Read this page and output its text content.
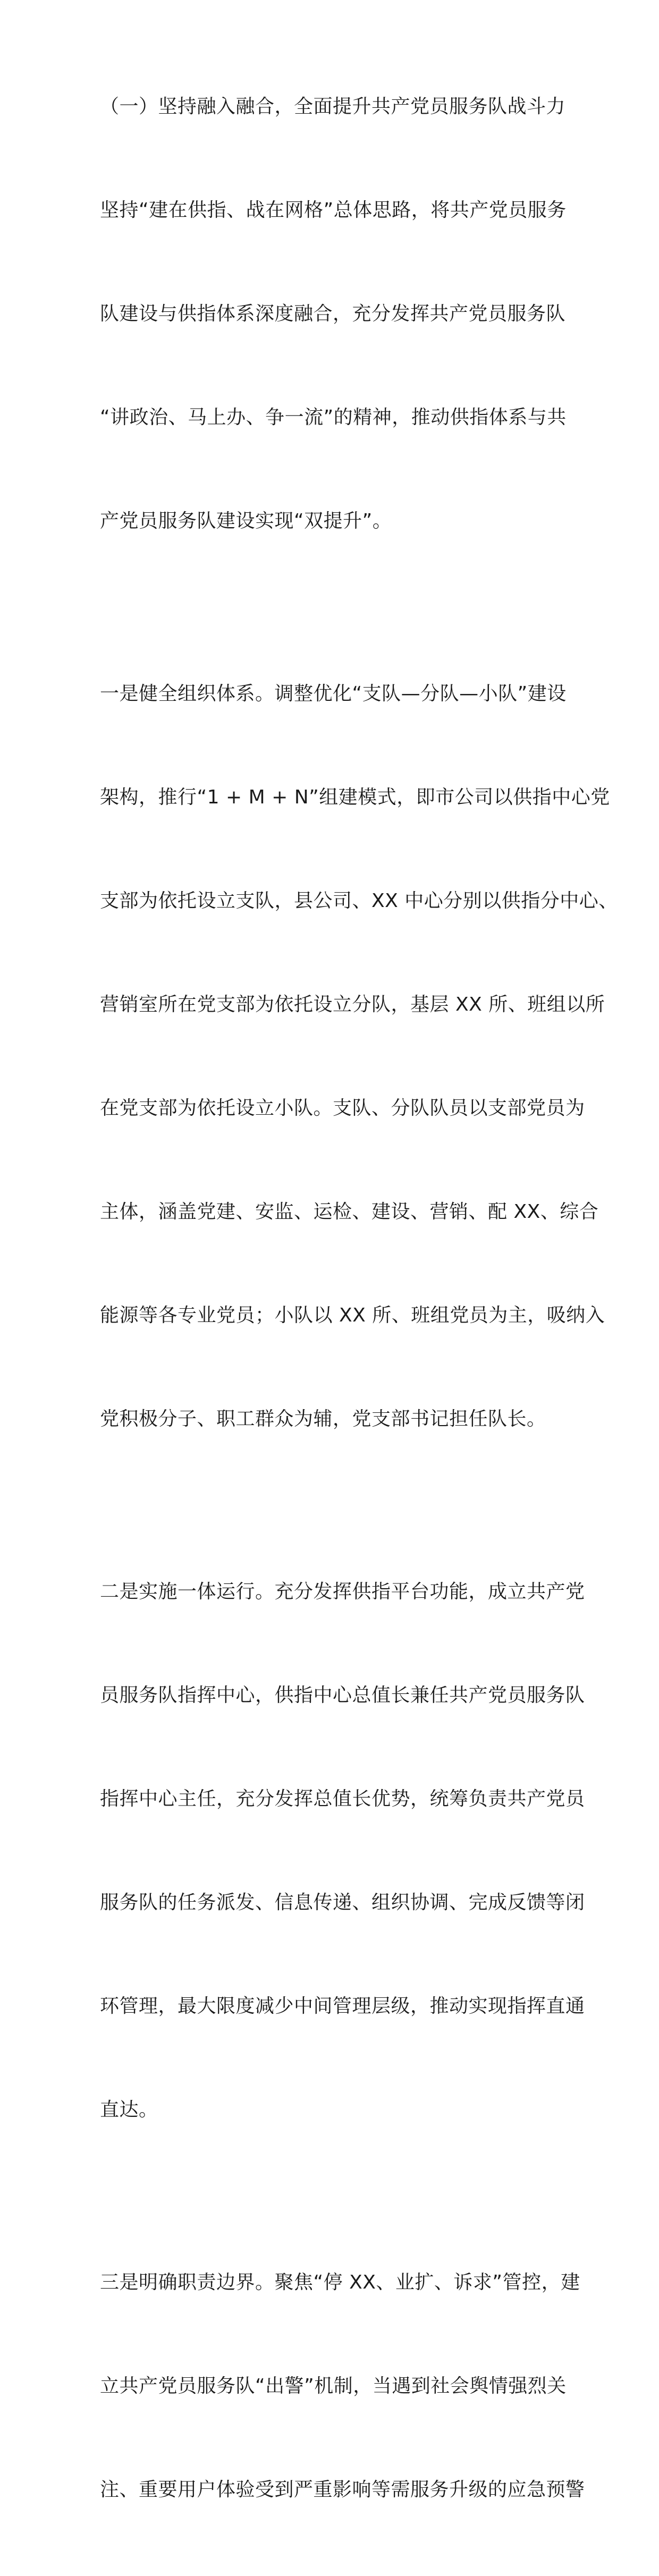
（一）坚持融入融合，全面提升共产党员服务队战斗力

坚持“建在供指、战在网格”总体思路，将共产党员服务

队建设与供指体系深度融合，充分发挥共产党员服务队

“讲政治、马上办、争一流”的精神，推动供指体系与共

产党员服务队建设实现“双提升”。

一是健全组织体系。调整优化“支队—分队—小队”建设

架构，推行“1 + M + N”组建模式，即市公司以供指中心党

支部为依托设立支队，县公司、XX 中心分别以供指分中心、

营销室所在党支部为依托设立分队，基层 XX 所、班组以所

在党支部为依托设立小队。支队、分队队员以支部党员为

主体，涵盖党建、安监、运检、建设、营销、配 XX、综合

能源等各专业党员；小队以 XX 所、班组党员为主，吸纳入

党积极分子、职工群众为辅，党支部书记担任队长。

二是实施一体运行。充分发挥供指平台功能，成立共产党

员服务队指挥中心，供指中心总值长兼任共产党员服务队

指挥中心主任，充分发挥总值长优势，统筹负责共产党员

服务队的任务派发、信息传递、组织协调、完成反馈等闭

环管理，最大限度减少中间管理层级，推动实现指挥直通

直达。

三是明确职责边界。聚焦“停 XX、业扩、诉求”管控，建

立共产党员服务队“出警”机制，当遇到社会舆情强烈关

注、重要用户体验受到严重影响等需服务升级的应急预警
